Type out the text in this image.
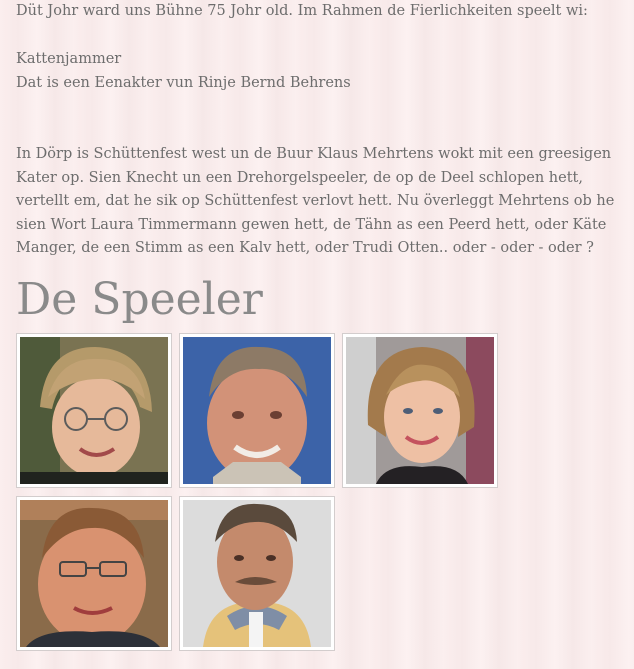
Düt Johr ward uns Bühne 75 Johr old. Im Rahmen de Fierlichkeiten speelt wi:

Kattenjammer
Dat is een Eenakter vun Rinje Bernd Behrens

In Dörp is Schüttenfest west un de Buur Klaus Mehrtens wokt mit een greesigen Kater op. Sien Knecht un een Drehorgelspeeler, de op de Deel schlopen hett, vertellt em, dat he sik op Schüttenfest verlovt hett. Nu överleggt Mehrtens ob he sien Wort Laura Timmermann gewen hett, de Tähn as een Peerd hett, oder Käte Manger, de een Stimm as een Kalv hett, oder Trudi Otten.. oder - oder - oder ?

De Speeler
